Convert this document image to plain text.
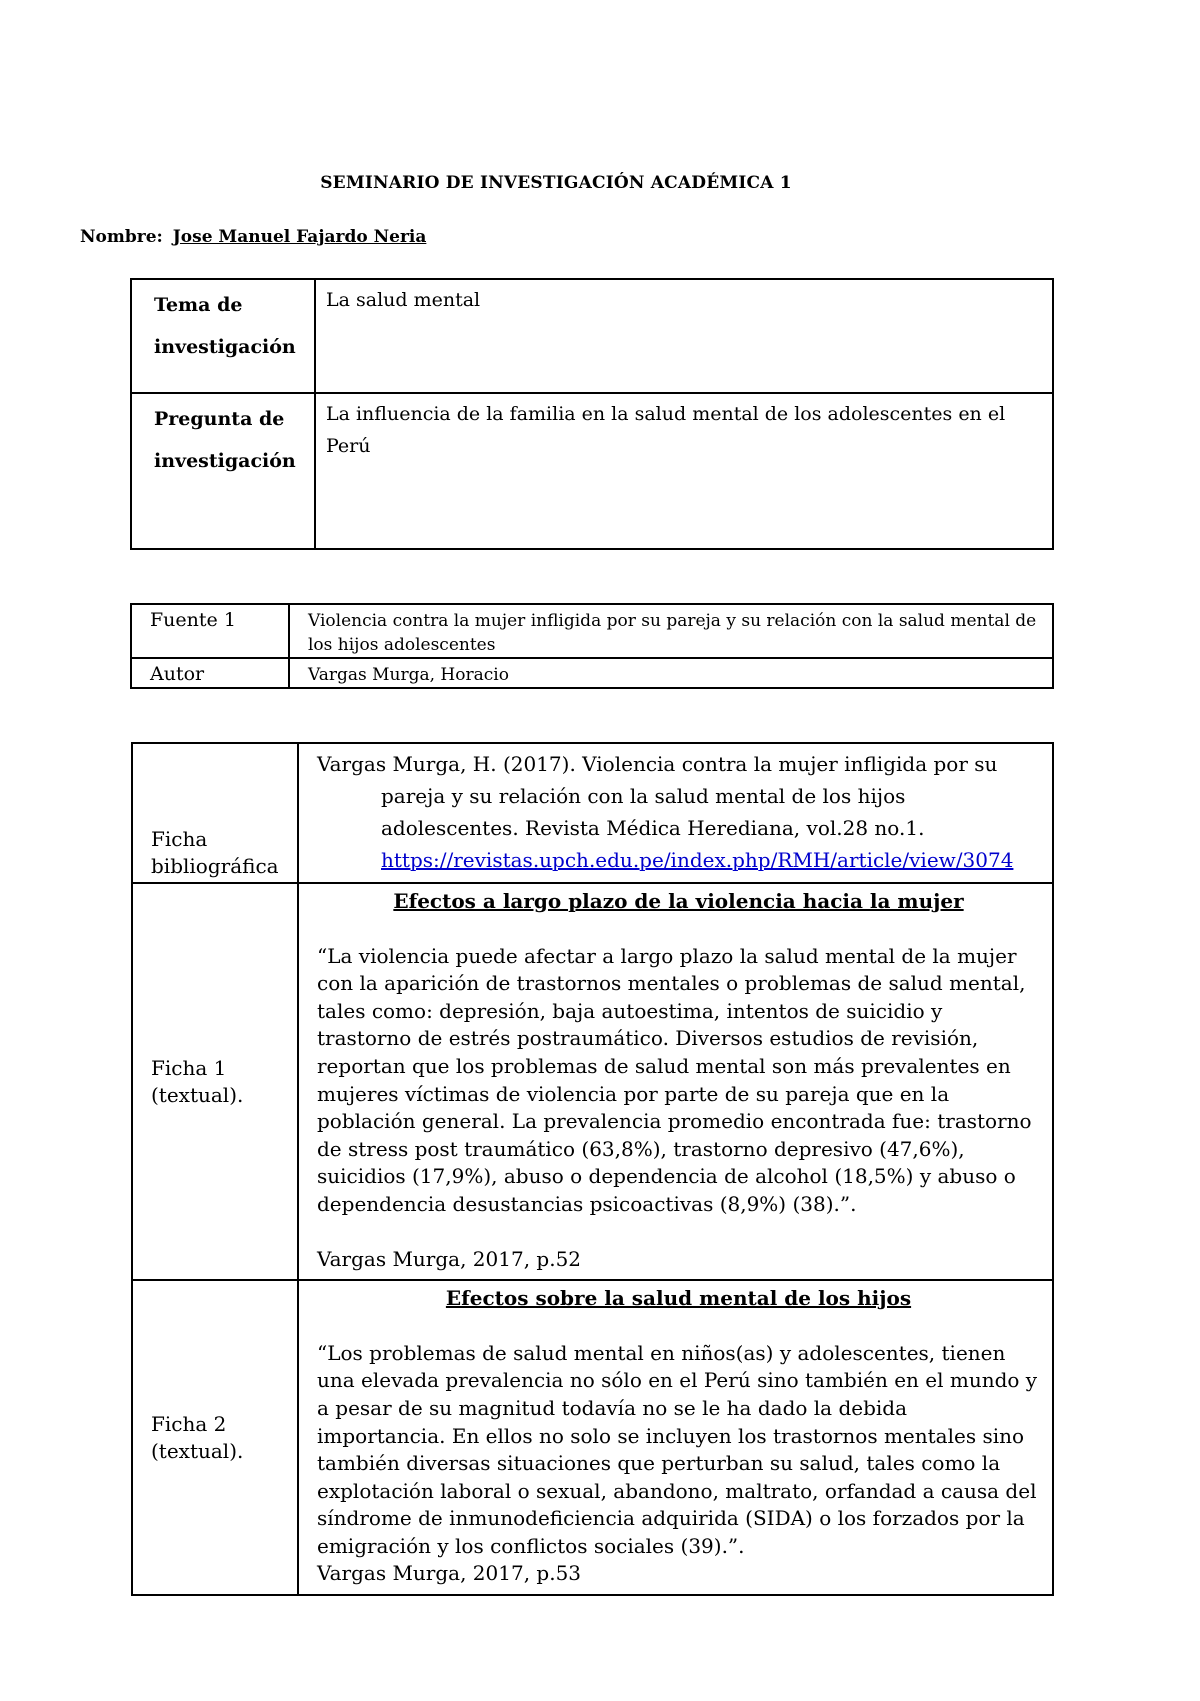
SEMINARIO DE INVESTIGACIÓN ACADÉMICA 1
Nombre: Jose Manuel Fajardo Neria
Tema de investigación	La salud mental
Pregunta de investigación	La influencia de la familia en la salud mental de los adolescentes en el Perú
Fuente 1	Violencia contra la mujer infligida por su pareja y su relación con la salud mental de los hijos adolescentes
Autor	Vargas Murga, Horacio
Ficha bibliográfica	Vargas Murga, H. (2017). Violencia contra la mujer infligida por su pareja y su relación con la salud mental de los hijos adolescentes. Revista Médica Herediana, vol.28 no.1. https://revistas.upch.edu.pe/index.php/RMH/article/view/3074

Ficha 1 (textual).	Efectos a largo plazo de la violencia hacia la mujer

“La violencia puede afectar a largo plazo la salud mental de la mujer con la aparición de trastornos mentales o problemas de salud mental, tales como: depresión, baja autoestima, intentos de suicidio y trastorno de estrés postraumático. Diversos estudios de revisión, reportan que los problemas de salud mental son más prevalentes en mujeres víctimas de violencia por parte de su pareja que en la población general. La prevalencia promedio encontrada fue: trastorno de stress post traumático (63,8%), trastorno depresivo (47,6%), suicidios (17,9%), abuso o dependencia de alcohol (18,5%) y abuso o dependencia desustancias psicoactivas (8,9%) (38).”.

Vargas Murga, 2017, p.52

Ficha 2 (textual).	Efectos sobre la salud mental de los hijos

“Los problemas de salud mental en niños(as) y adolescentes, tienen una elevada prevalencia no sólo en el Perú sino también en el mundo y a pesar de su magnitud todavía no se le ha dado la debida importancia. En ellos no solo se incluyen los trastornos mentales sino también diversas situaciones que perturban su salud, tales como la explotación laboral o sexual, abandono, maltrato, orfandad a causa del síndrome de inmunodeficiencia adquirida (SIDA) o los forzados por la emigración y los conflictos sociales (39).”.

Vargas Murga, 2017, p.53
